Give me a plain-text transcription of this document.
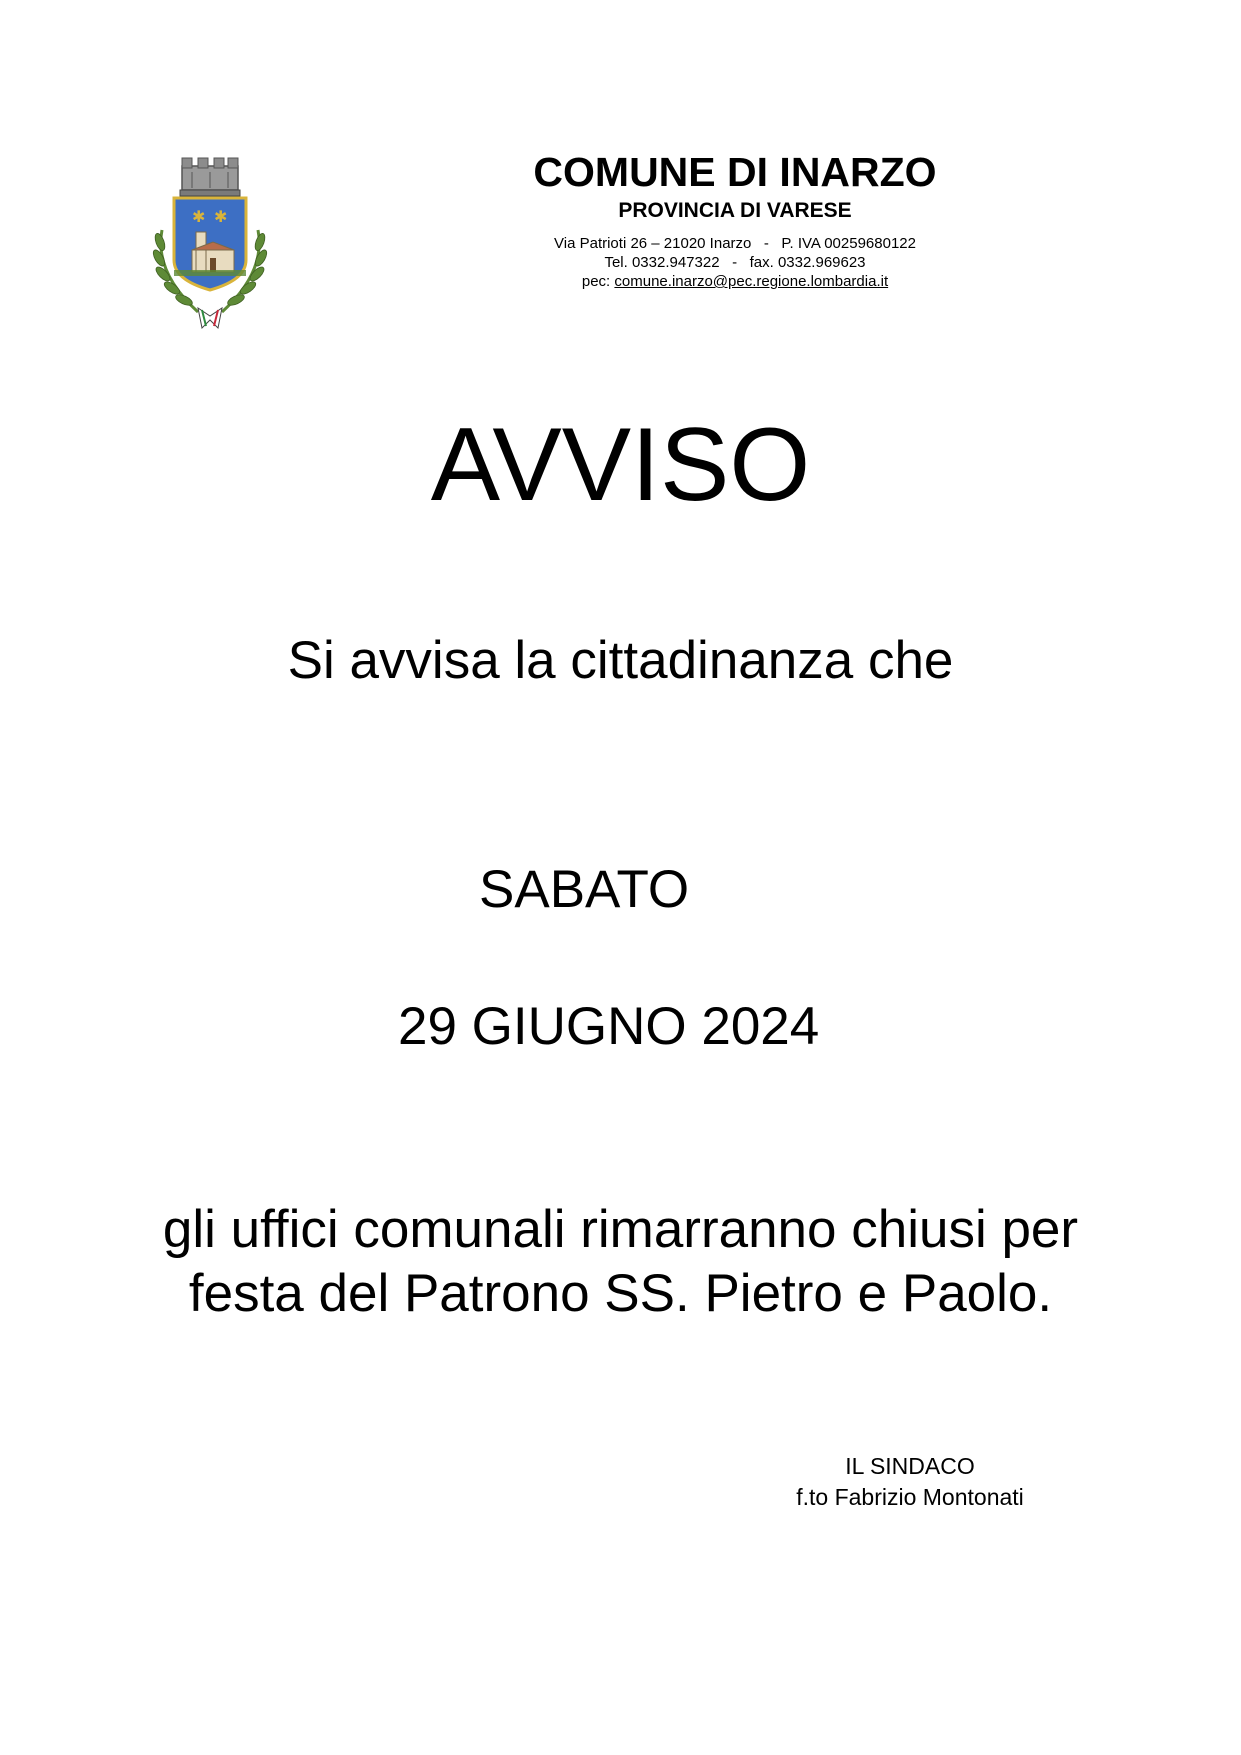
✱ ✱
COMUNE DI INARZO
PROVINCIA DI VARESE
Via Patrioti 26 – 21020 Inarzo - P. IVA 00259680122
Tel. 0332.947322 - fax. 0332.969623
pec: comune.inarzo@pec.regione.lombardia.it
AVVISO
Si avvisa la cittadinanza che
SABATO
29 GIUGNO 2024
gli uffici comunali rimarranno chiusi per
festa del Patrono SS. Pietro e Paolo.
IL SINDACO
f.to Fabrizio Montonati
